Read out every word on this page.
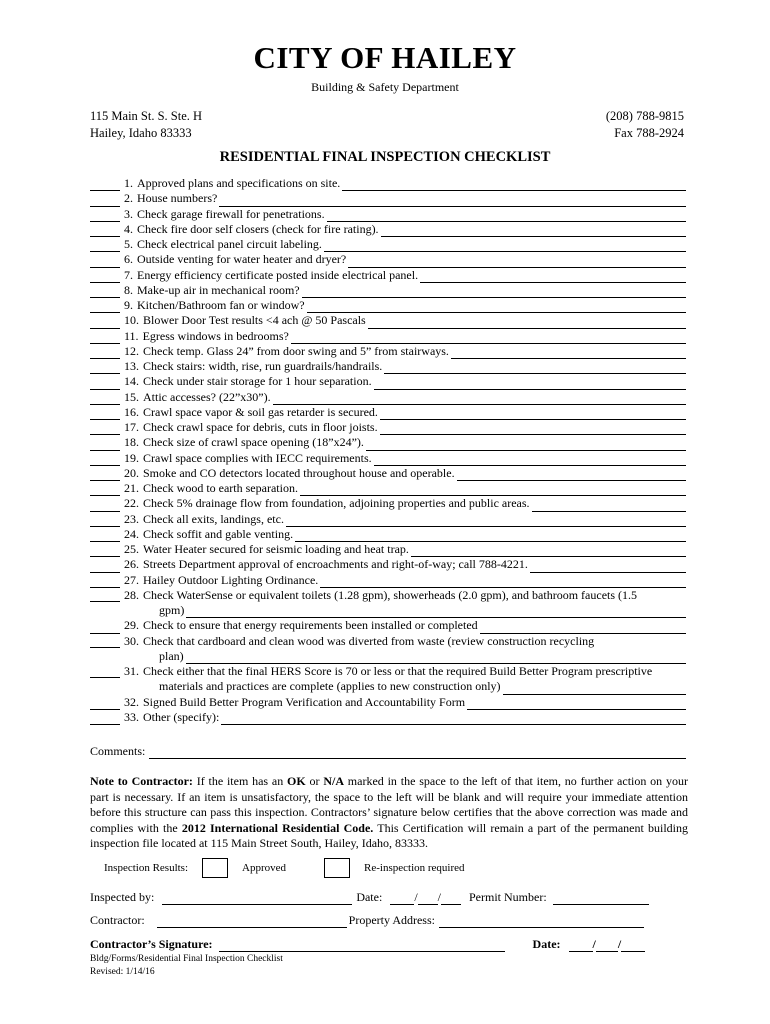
CITY OF HAILEY
Building & Safety Department
115 Main St. S. Ste. H
Hailey, Idaho 83333
(208) 788-9815
Fax 788-2924
RESIDENTIAL FINAL INSPECTION CHECKLIST
1. Approved plans and specifications on site.
2. House numbers?
3. Check garage firewall for penetrations.
4. Check fire door self closers (check for fire rating).
5. Check electrical panel circuit labeling.
6. Outside venting for water heater and dryer?
7. Energy efficiency certificate posted inside electrical panel.
8. Make-up air in mechanical room?
9. Kitchen/Bathroom fan or window?
10. Blower Door Test results <4 ach @ 50 Pascals
11. Egress windows in bedrooms?
12. Check temp. Glass 24” from door swing and 5” from stairways.
13. Check stairs: width, rise, run guardrails/handrails.
14. Check under stair storage for 1 hour separation.
15. Attic accesses? (22”x30”).
16. Crawl space vapor & soil gas retarder is secured.
17. Check crawl space for debris, cuts in floor joists.
18. Check size of crawl space opening (18”x24”).
19. Crawl space complies with IECC requirements.
20. Smoke and CO detectors located throughout house and operable.
21. Check wood to earth separation.
22. Check 5% drainage flow from foundation, adjoining properties and public areas.
23. Check all exits, landings, etc.
24. Check soffit and gable venting.
25. Water Heater secured for seismic loading and heat trap.
26. Streets Department approval of encroachments and right-of-way; call 788-4221.
27. Hailey Outdoor Lighting Ordinance.
28. Check WaterSense or equivalent toilets (1.28 gpm), showerheads (2.0 gpm), and bathroom faucets (1.5
gpm)
29. Check to ensure that energy requirements been installed or completed
30. Check that cardboard and clean wood was diverted from waste (review construction recycling
plan)
31. Check either that the final HERS Score is 70 or less or that the required Build Better Program prescriptive
materials and practices are complete (applies to new construction only)
32. Signed Build Better Program Verification and Accountability Form
33. Other (specify):
Comments:
Note to Contractor: If the item has an OK or N/A marked in the space to the left of that item, no further action on your part is necessary. If an item is unsatisfactory, the space to the left will be blank and will require your immediate attention before this structure can pass this inspection. Contractors’ signature below certifies that the above correction was made and complies with the 2012 International Residential Code. This Certification will remain a part of the permanent building inspection file located at 115 Main Street South, Hailey, Idaho, 83333.
Inspection Results:	Approved	Re-inspection required
Inspected by:	Date:	/ / Permit Number:
Contractor:	Property Address:
Contractor’s Signature:	Date:	/ /
Bldg/Forms/Residential Final Inspection Checklist
Revised: 1/14/16
